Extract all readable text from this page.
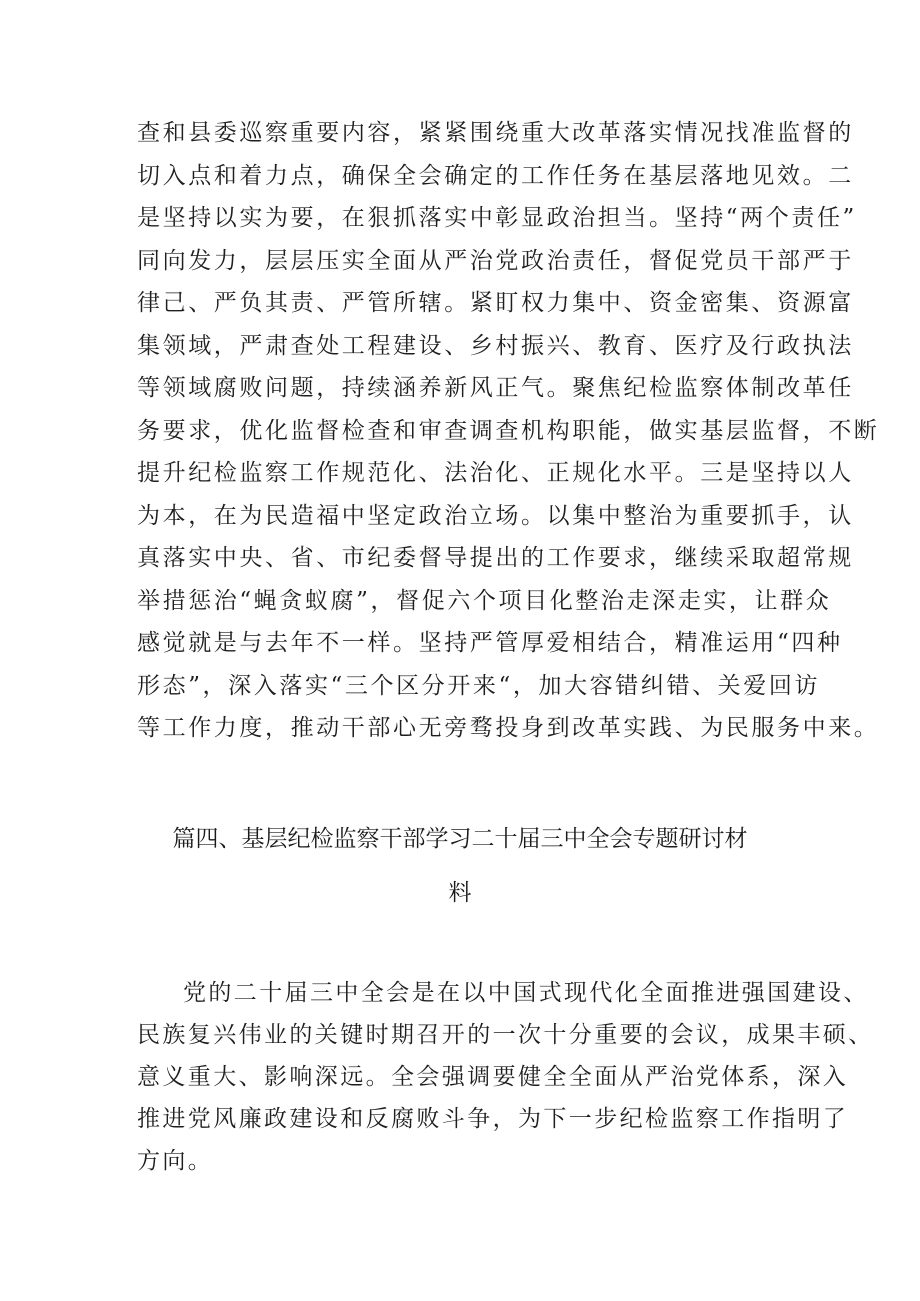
查和县委巡察重要内容，紧紧围绕重大改革落实情况找准监督的
切入点和着力点，确保全会确定的工作任务在基层落地见效。二
是坚持以实为要，在狠抓落实中彰显政治担当。坚持“两个责任”
同向发力，层层压实全面从严治党政治责任，督促党员干部严于
律己、严负其责、严管所辖。紧盯权力集中、资金密集、资源富
集领域，严肃查处工程建设、乡村振兴、教育、医疗及行政执法
等领域腐败问题，持续涵养新风正气。聚焦纪检监察体制改革任
务要求，优化监督检查和审查调查机构职能，做实基层监督，不断
提升纪检监察工作规范化、法治化、正规化水平。三是坚持以人
为本，在为民造福中坚定政治立场。以集中整治为重要抓手，认
真落实中央、省、市纪委督导提出的工作要求，继续采取超常规
举措惩治“蝇贪蚁腐”，督促六个项目化整治走深走实，让群众
感觉就是与去年不一样。坚持严管厚爱相结合，精准运用“四种
形态”，深入落实“三个区分开来“，加大容错纠错、关爱回访
等工作力度，推动干部心无旁骛投身到改革实践、为民服务中来。

篇四、基层纪检监察干部学习二十届三中全会专题研讨材
料

党的二十届三中全会是在以中国式现代化全面推进强国建设、
民族复兴伟业的关键时期召开的一次十分重要的会议，成果丰硕、
意义重大、影响深远。全会强调要健全全面从严治党体系，深入
推进党风廉政建设和反腐败斗争，为下一步纪检监察工作指明了
方向。
